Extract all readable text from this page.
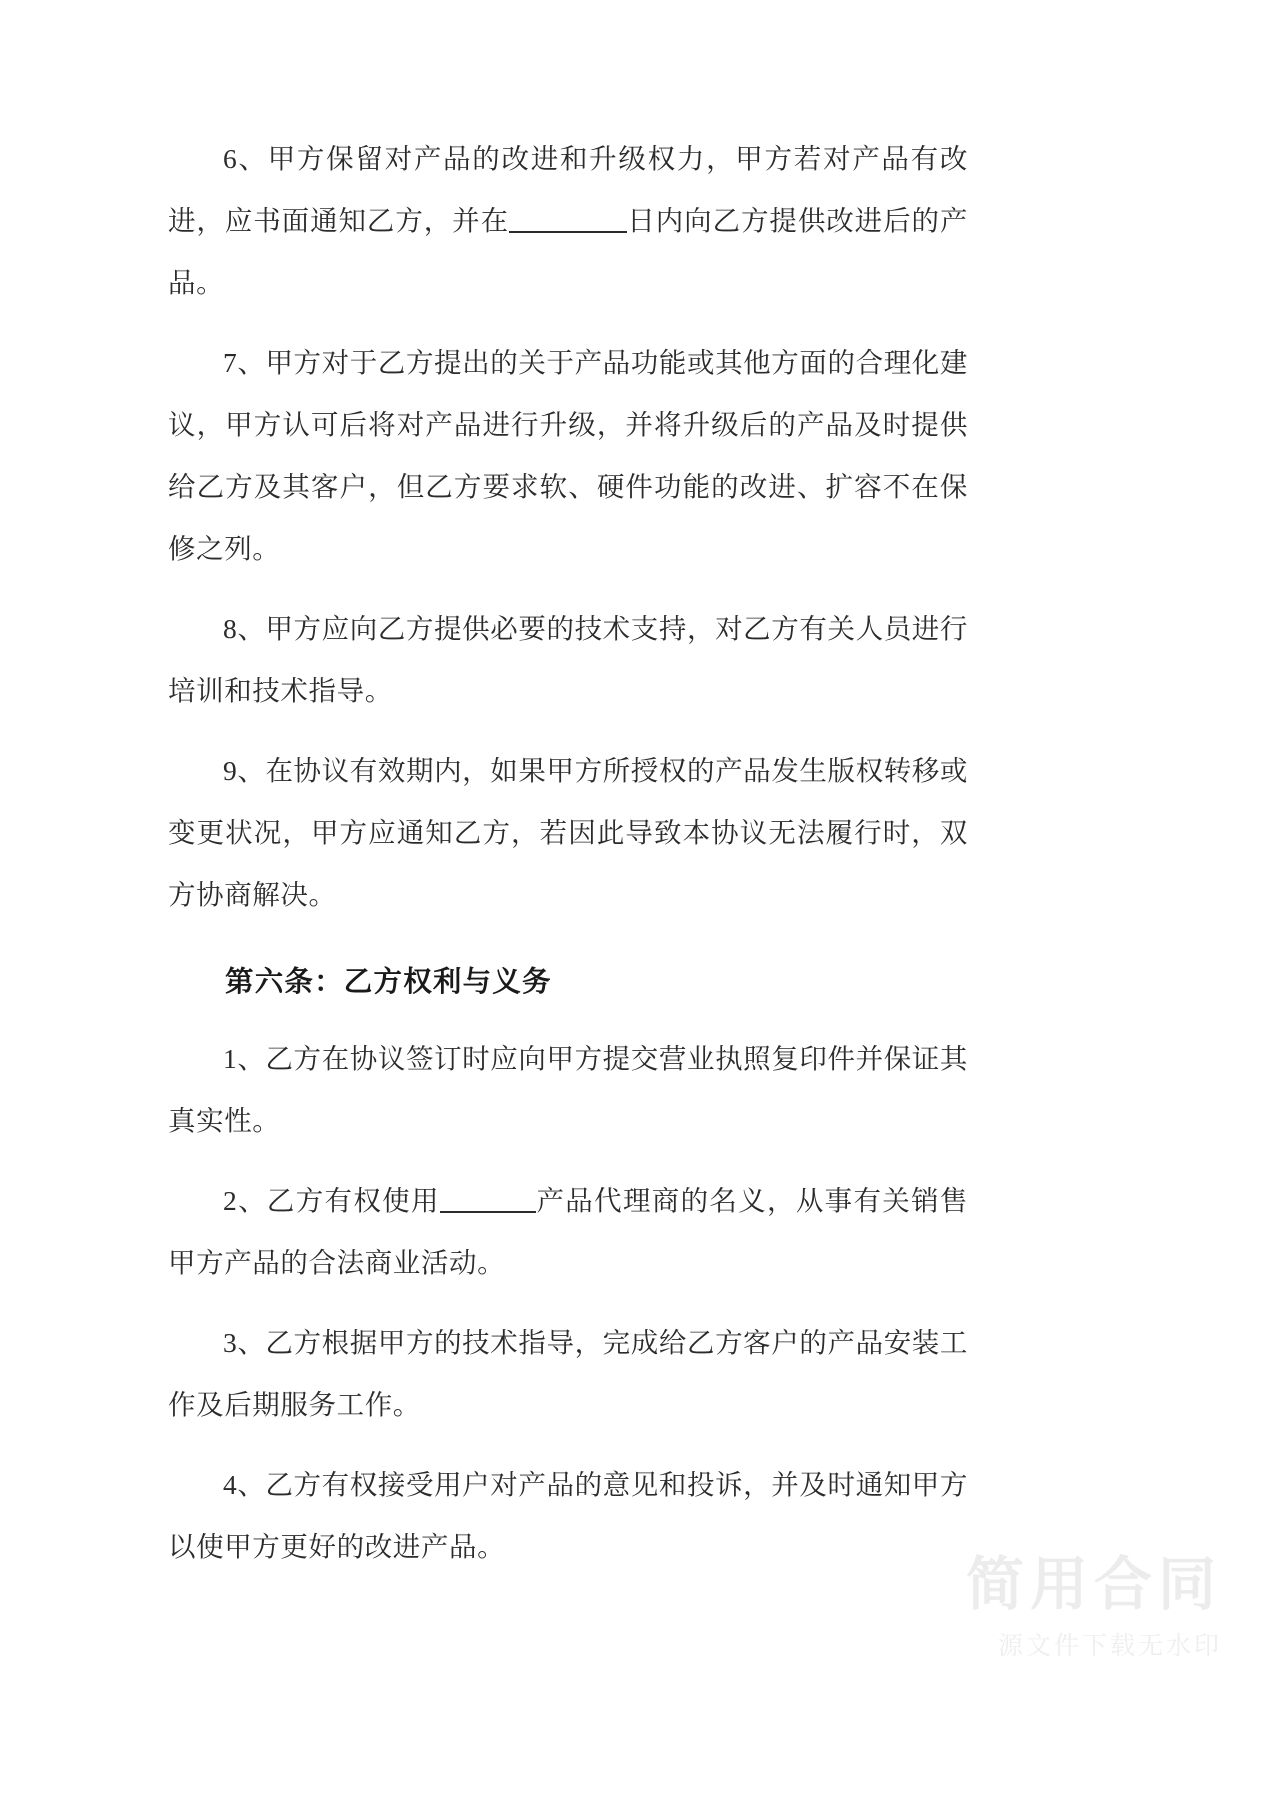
6、甲方保留对产品的改进和升级权力，甲方若对产品有改进，应书面通知乙方，并在	日内向乙方提供改进后的产品。

7、甲方对于乙方提出的关于产品功能或其他方面的合理化建议，甲方认可后将对产品进行升级，并将升级后的产品及时提供给乙方及其客户，但乙方要求软、硬件功能的改进、扩容不在保修之列。

8、甲方应向乙方提供必要的技术支持，对乙方有关人员进行培训和技术指导。

9、在协议有效期内，如果甲方所授权的产品发生版权转移或变更状况，甲方应通知乙方，若因此导致本协议无法履行时，双方协商解决。

第六条：乙方权利与义务

1、乙方在协议签订时应向甲方提交营业执照复印件并保证其真实性。

2、乙方有权使用	产品代理商的名义，从事有关销售甲方产品的合法商业活动。

3、乙方根据甲方的技术指导，完成给乙方客户的产品安装工作及后期服务工作。

4、乙方有权接受用户对产品的意见和投诉，并及时通知甲方以使甲方更好的改进产品。

简用合同
源文件下载无水印
